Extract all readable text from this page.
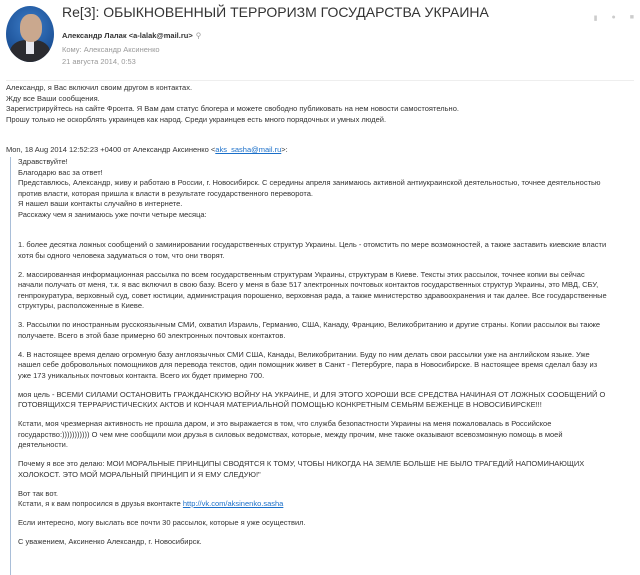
Re[3]: ОБЫКНОВЕННЫЙ ТЕРРОРИЗМ ГОСУДАРСТВА УКРАИНА
Александр Лалак <a-lalak@mail.ru> ⚲
Кому: Александр Аксиненко
21 августа 2014, 0:53
▮ ● ■
Александр, я Вас включил своим другом в контактах.
Жду все Ваши сообщения.
Зарегистрируйтесь на сайте Фронта. Я Вам дам статус блогера и можете свободно публиковать на нем новости самостоятельно.
Прошу только не оскорблять украинцев как народ. Среди украинцев есть много порядочных и умных людей.
Mon, 18 Aug 2014 12:52:23 +0400 от Александр Аксиненко <aks_sasha@mail.ru>:
Здравствуйте!
Благодарю вас за ответ!
Представлюсь, Александр, живу и работаю в России, г. Новосибирск. С середины апреля занимаюсь активной антиукраинской деятельностью, точнее деятельностью
против власти, которая пришла к власти в результате государственного переворота.
Я нашел ваши контакты случайно в интернете.
Расскажу чем я занимаюсь уже почти четыре месяца:
1. более десятка ложных сообщений о заминировании государственных структур Украины. Цель - отомстить по мере возможностей, а также заставить киевские власти
хотя бы одного человека задуматься о том, что они творят.
2. массированная информационная рассылка по всем государственным структурам Украины, структурам в Киеве. Тексты этих рассылок, точнее копии вы сейчас
начали получать от меня, т.к. я вас включил в свою базу. Всего у меня в базе 517 электронных почтовых контактов государственных структур Украины, это МВД, СБУ,
генпрокуратура, верховный суд, совет юстиции, администрация порошенко, верховная рада, а также министерство здравоохранения и так далее. Все государственные
структуры, расположенные в Киеве.
3. Рассылки по иностранным русскоязычным СМИ, охватил Израиль, Германию, США, Канаду, Францию, Великобританию и другие страны. Копии рассылок вы также
получаете. Всего в этой базе примерно 60 электронных почтовых контактов.
4. В настоящее время делаю огромную базу англоязычных СМИ США, Канады, Великобритании. Буду по ним делать свои рассылки уже на английском языке. Уже
нашел себе добровольных помощников для перевода текстов, один помощник живет в Санкт - Петербурге, пара в Новосибирске. В настоящее время сделал базу из
уже 173 уникальных почтовых контакта. Всего их будет примерно 700.
моя цель - ВСЕМИ СИЛАМИ ОСТАНОВИТЬ ГРАЖДАНСКУЮ ВОЙНУ НА УКРАИНЕ, И ДЛЯ ЭТОГО ХОРОШИ ВСЕ СРЕДСТВА НАЧИНАЯ ОТ ЛОЖНЫХ СООБЩЕНИЙ О
ГОТОВЯЩИХСЯ ТЕРРАРИСТИЧЕСКИХ АКТОВ И КОНЧАЯ МАТЕРИАЛЬНОЙ ПОМОЩЬЮ КОНКРЕТНЫМ СЕМЬЯМ БЕЖЕНЦЕ В НОВОСИБИРСКЕ!!!
Кстати, моя чрезмерная активность не прошла даром, и это выражается в том, что служба безопастности Украины на меня пожаловалась в Российское
государство:))))))))))) О чем мне сообщили мои друзья в силовых ведомствах, которые, между прочим, мне также оказывают всевозможную помощь в моей
деятельности.
Почему я все это делаю: МОИ МОРАЛЬНЫЕ ПРИНЦИПЫ СВОДЯТСЯ К ТОМУ, ЧТОБЫ НИКОГДА НА ЗЕМЛЕ БОЛЬШЕ НЕ БЫЛО ТРАГЕДИЙ НАПОМИНАЮЩИХ
ХОЛОКОСТ. ЭТО МОЙ МОРАЛЬНЫЙ ПРИНЦИП И Я ЕМУ СЛЕДУЮ!"
Вот так вот.
Кстати, я к вам попросился в друзья вконтакте http://vk.com/aksinenko.sasha
Если интересно, могу выслать все почти 30 рассылок, которые я уже осуществил.
С уважением, Аксиненко Александр, г. Новосибирск.
